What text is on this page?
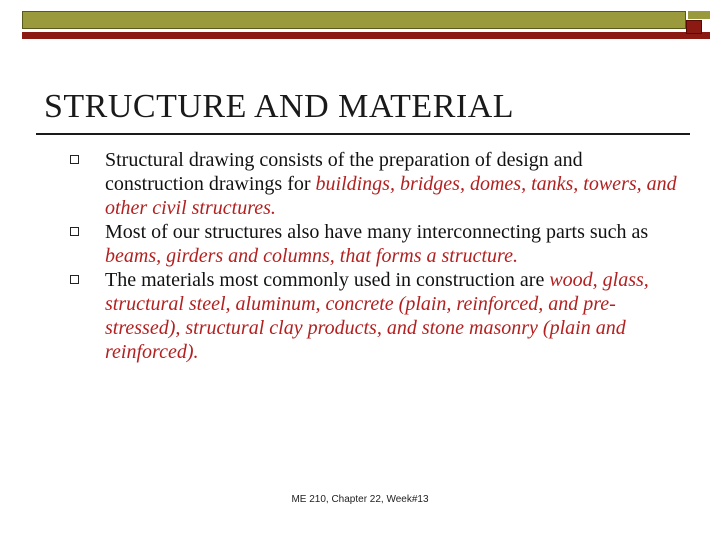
STRUCTURE AND MATERIAL
Structural drawing consists of the preparation of design and construction drawings for buildings, bridges, domes, tanks, towers, and other civil structures.
Most of our structures also have many interconnecting parts such as beams, girders and columns, that forms a structure.
The materials most commonly used in construction are wood, glass, structural steel, aluminum, concrete (plain, reinforced, and pre-stressed), structural clay products, and stone masonry (plain and reinforced).
ME 210, Chapter 22, Week#13
